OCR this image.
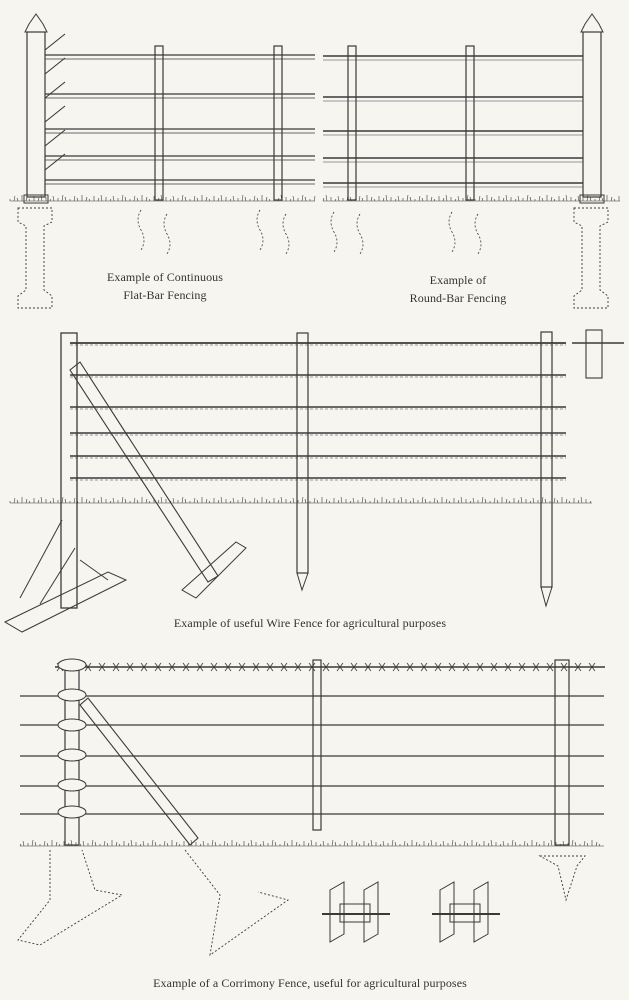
Example of Continuous
Flat-Bar Fencing
Example of
Round-Bar Fencing
Example of useful Wire Fence for agricultural purposes
Example of a Corrimony Fence, useful for agricultural purposes
